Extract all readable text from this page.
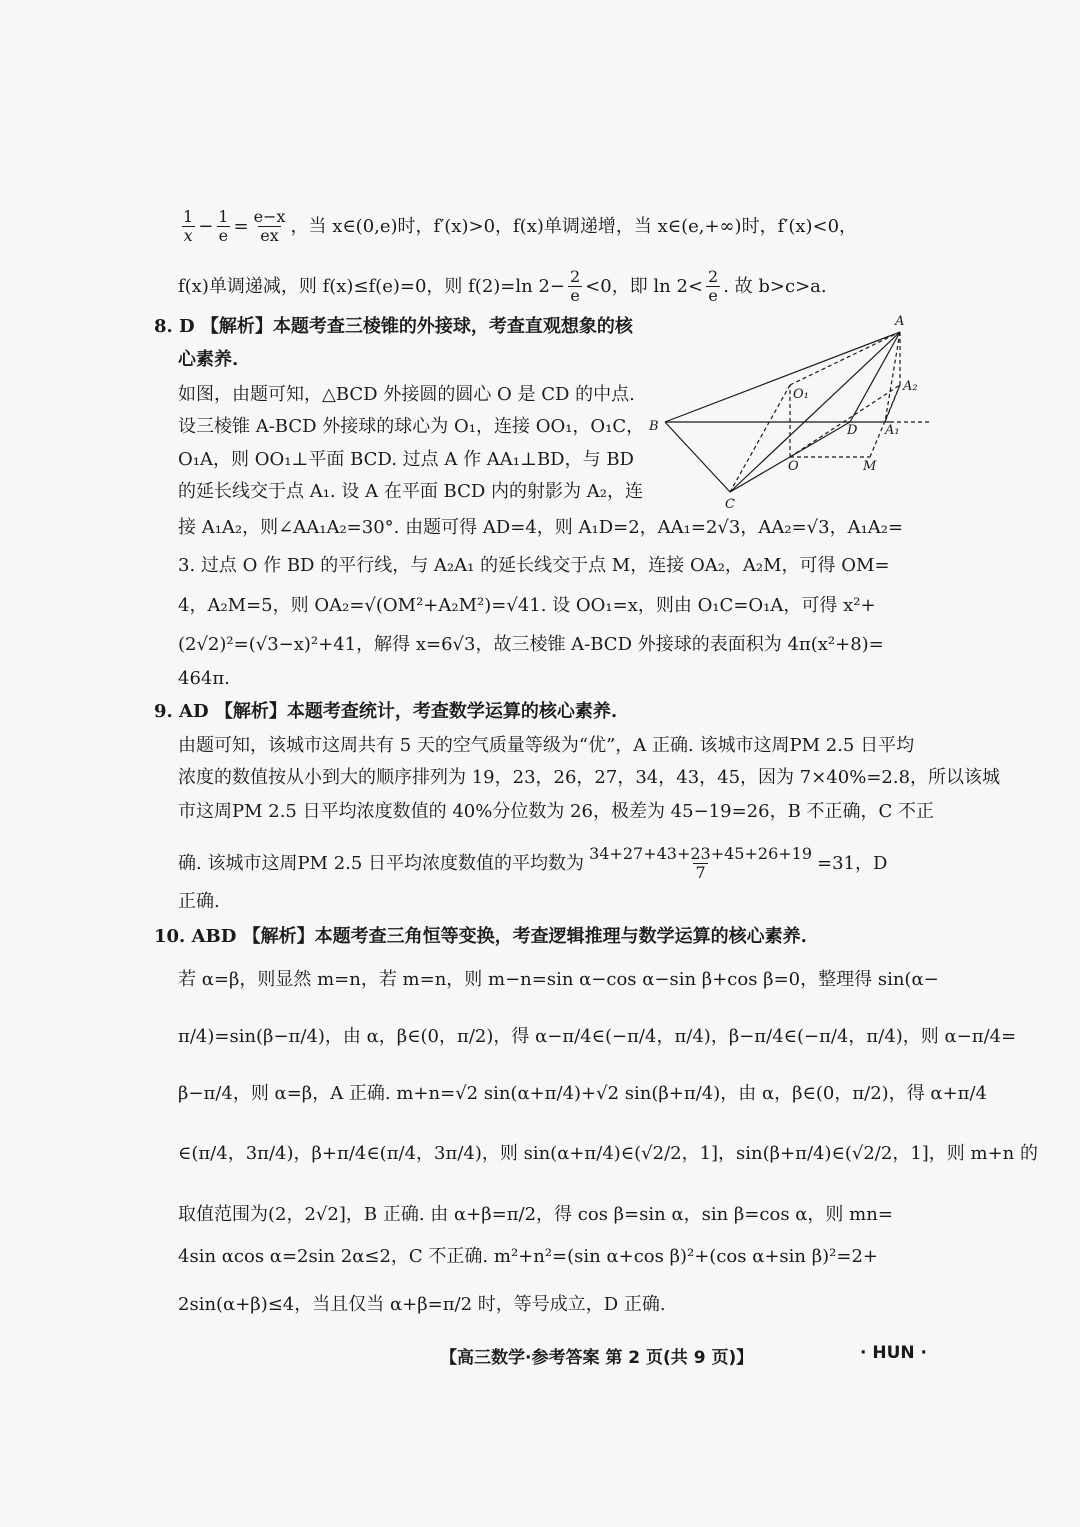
$\frac{1}{x} - \frac{1}{e} = \frac{e-x}{ex}$ ，当 x∈(0,e)时，f′(x)>0，f(x)单调递增，当 x∈(e,+∞)时，f′(x)<0，
f(x)单调递减，则 f(x)≤f(e)=0，则 f(2)=ln $2- \frac{2}{e} <0$，即 $\ln 2< \frac{2}{e}$ . 故 b>c>a.
8. D 【解析】本题考查三棱锥的外接球，考查直观想象的核
心素养.
如图，由题可知，△BCD 外接圆的圆心 O 是 CD 的中点.
设三棱锥 A-BCD 外接球的球心为 O₁，连接 OO₁，O₁C，
O₁A，则 OO₁⊥平面 BCD. 过点 A 作 AA₁⊥BD，与 BD
的延长线交于点 A₁. 设 A 在平面 BCD 内的射影为 A₂，连
接 A₁A₂，则∠AA₁A₂=30°. 由题可得 AD=4，则 A₁D=2，AA₁=2√3，AA₂=√3，A₁A₂=
3. 过点 O 作 BD 的平行线，与 A₂A₁ 的延长线交于点 M，连接 OA₂，A₂M，可得 OM=
4，A₂M=5，则 OA₂=√(OM²+A₂M²)=√41. 设 OO₁=x，则由 O₁C=O₁A，可得 x²+
(2√2)²=(√3−x)²+41，解得 x=6√3，故三棱锥 A-BCD 外接球的表面积为 4π(x²+8)=
464π.
A
A₂
O₁
B	D A₁
O	M
C
9. AD 【解析】本题考查统计，考查数学运算的核心素养.
由题可知，该城市这周共有 5 天的空气质量等级为“优”，A 正确. 该城市这周PM 2.5 日平均
浓度的数值按从小到大的顺序排列为 19，23，26，27，34，43，45，因为 7×40%=2.8，所以该城
市这周PM 2.5 日平均浓度数值的 40%分位数为 26，极差为 45−19=26，B 不正确，C 不正
确. 该城市这周PM 2.5 日平均浓度数值的平均数为 $\frac{34+27+43+23+45+26+19}{7} =31$，D
正确.
10. ABD 【解析】本题考查三角恒等变换，考查逻辑推理与数学运算的核心素养.
若 α=β，则显然 m=n，若 m=n，则 m−n=sin α−cos α−sin β+cos β=0，整理得 sin(α−
π/4)=sin(β−π/4)，由 α，β∈(0，π/2)，得 α−π/4∈(−π/4，π/4)，β−π/4∈(−π/4，π/4)，则 α−π/4=
β−π/4，则 α=β，A 正确. m+n=√2 sin(α+π/4)+√2 sin(β+π/4)，由 α，β∈(0，π/2)，得 α+π/4
∈(π/4，3π/4)，β+π/4∈(π/4，3π/4)，则 sin(α+π/4)∈(√2/2，1]，sin(β+π/4)∈(√2/2，1]，则 m+n 的
取值范围为(2，2√2]，B 正确. 由 α+β=π/2，得 cos β=sin α，sin β=cos α，则 mn=
4sin αcos α=2sin 2α≤2，C 不正确. m²+n²=(sin α+cos β)²+(cos α+sin β)²=2+
2sin(α+β)≤4，当且仅当 α+β=π/2 时，等号成立，D 正确.
【高三数学·参考答案 第 2 页(共 9 页)】	· HUN ·
